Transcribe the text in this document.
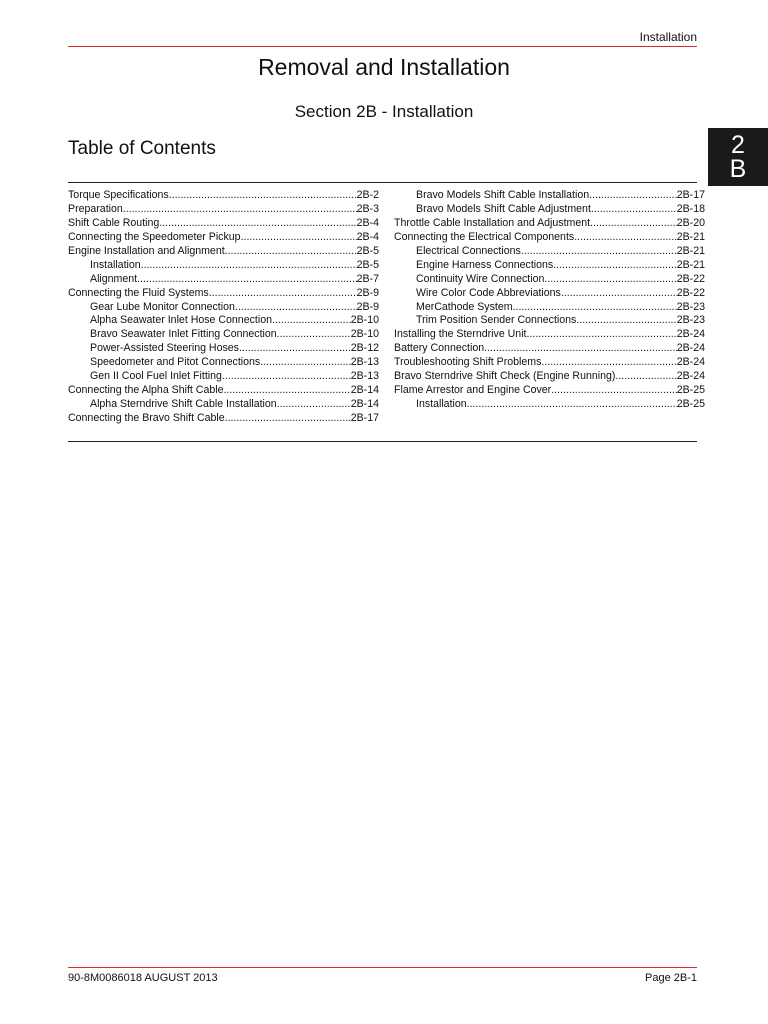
Installation
Removal and Installation
Section 2B - Installation
Table of Contents	2
B
Torque Specifications .....	2B-2
Preparation .....	2B-3
Shift Cable Routing .....	2B-4
Connecting the Speedometer Pickup .....	2B-4
Engine Installation and Alignment .....	2B-5
Installation .....	2B-5
Alignment .....	2B-7
Connecting the Fluid Systems .....	2B-9
Gear Lube Monitor Connection .....	2B-9
Alpha Seawater Inlet Hose Connection .....	2B-10
Bravo Seawater Inlet Fitting Connection .....	2B-10
Power-Assisted Steering Hoses .....	2B-12
Speedometer and Pitot Connections .....	2B-13
Gen II Cool Fuel Inlet Fitting .....	2B-13
Connecting the Alpha Shift Cable .....	2B-14
Alpha Sterndrive Shift Cable Installation .....	2B-14
Connecting the Bravo Shift Cable .....	2B-17
Bravo Models Shift Cable Installation .....	2B-17
Bravo Models Shift Cable Adjustment .....	2B-18
Throttle Cable Installation and Adjustment .....	2B-20
Connecting the Electrical Components .....	2B-21
Electrical Connections .....	2B-21
Engine Harness Connections .....	2B-21
Continuity Wire Connection .....	2B-22
Wire Color Code Abbreviations .....	2B-22
MerCathode System .....	2B-23
Trim Position Sender Connections .....	2B-23
Installing the Sterndrive Unit .....	2B-24
Battery Connection .....	2B-24
Troubleshooting Shift Problems .....	2B-24
Bravo Sterndrive Shift Check (Engine Running) .....	2B-24
Flame Arrestor and Engine Cover .....	2B-25
Installation .....	2B-25
90-8M0086018 AUGUST 2013	Page 2B-1
